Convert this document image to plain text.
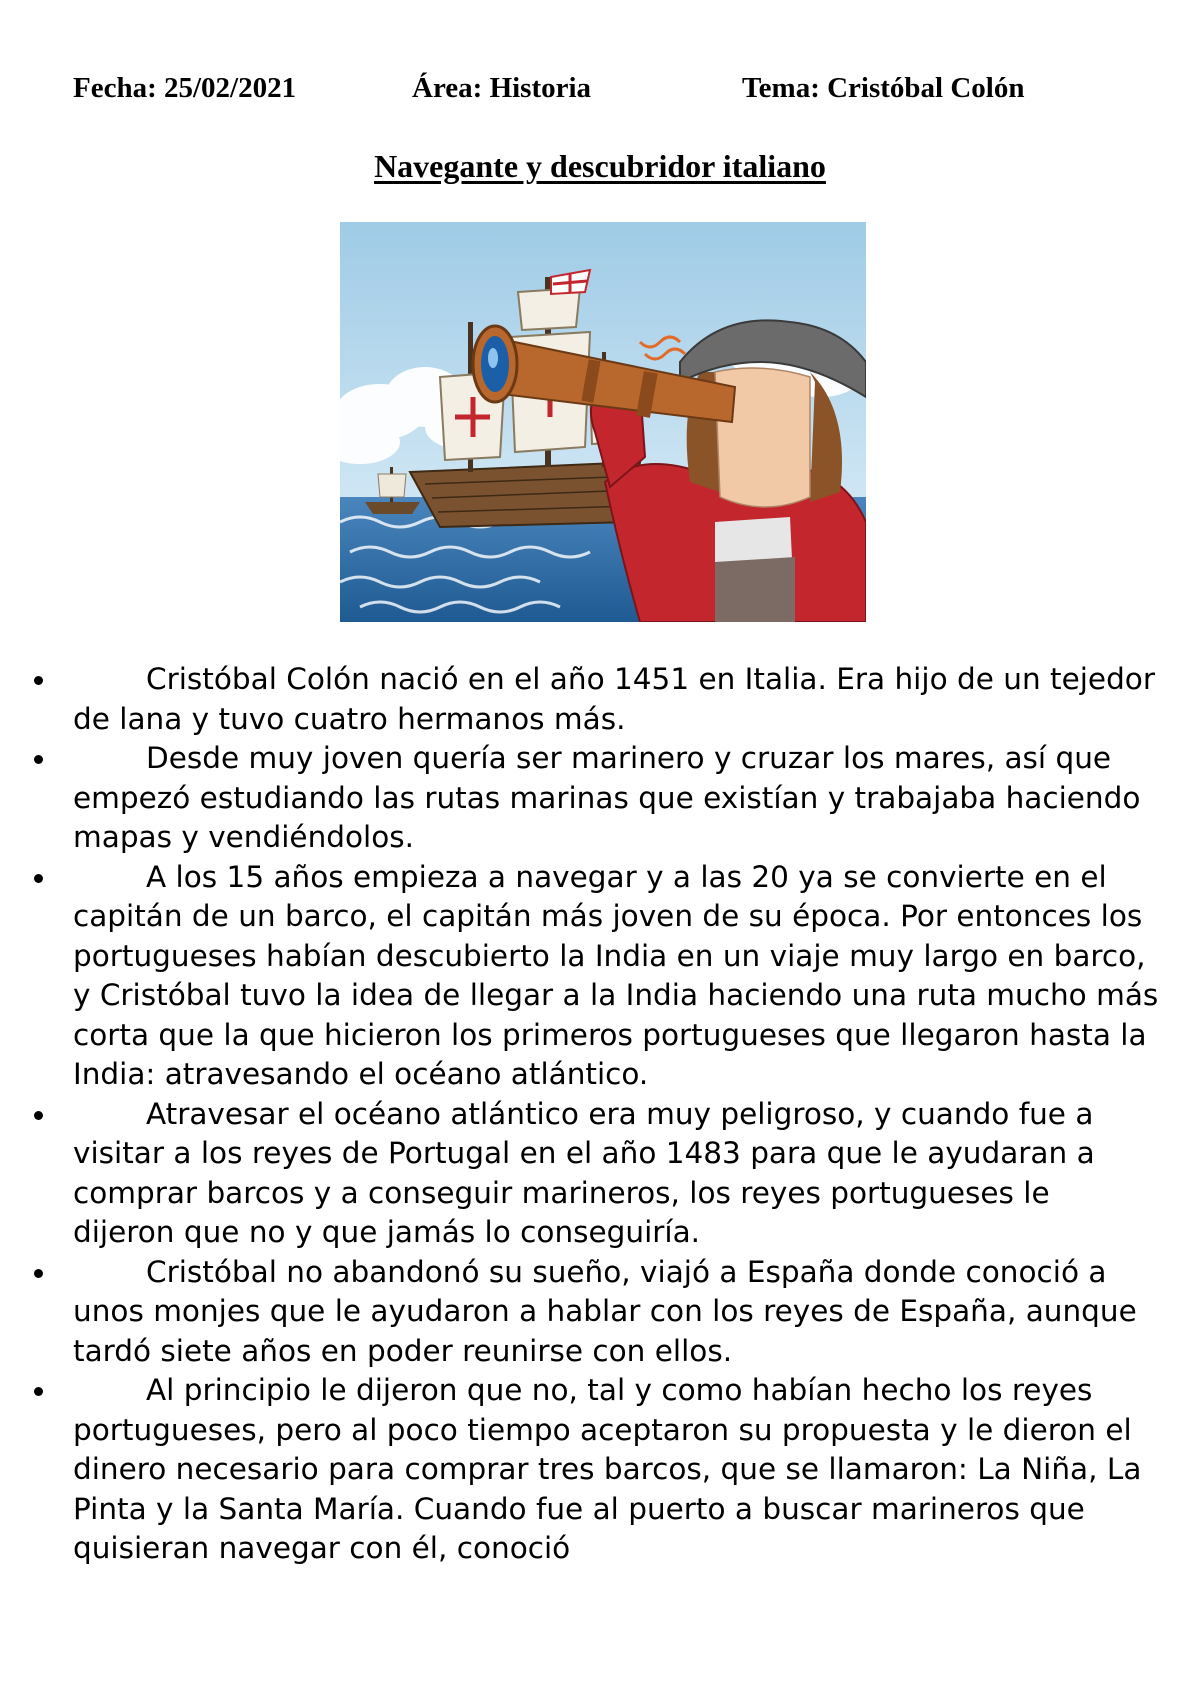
Fecha: 25/02/2021	Área: Historia	Tema: Cristóbal Colón
Navegante y descubridor italiano
Cristóbal Colón nació en el año 1451 en Italia. Era hijo de un tejedor de lana y tuvo cuatro hermanos más.
Desde muy joven quería ser marinero y cruzar los mares, así que empezó estudiando las rutas marinas que existían y trabajaba haciendo mapas y vendiéndolos.
A los 15 años empieza a navegar y a las 20 ya se convierte en el capitán de un barco, el capitán más joven de su época. Por entonces los portugueses habían descubierto la India en un viaje muy largo en barco, y Cristóbal tuvo la idea de llegar a la India haciendo una ruta mucho más corta que la que hicieron los primeros portugueses que llegaron hasta la India: atravesando el océano atlántico.
Atravesar el océano atlántico era muy peligroso, y cuando fue a visitar a los reyes de Portugal en el año 1483 para que le ayudaran a comprar barcos y a conseguir marineros, los reyes portugueses le dijeron que no y que jamás lo conseguiría.
Cristóbal no abandonó su sueño, viajó a España donde conoció a unos monjes que le ayudaron a hablar con los reyes de España, aunque tardó siete años en poder reunirse con ellos.
Al principio le dijeron que no, tal y como habían hecho los reyes portugueses, pero al poco tiempo aceptaron su propuesta y le dieron el dinero necesario para comprar tres barcos, que se llamaron: La Niña, La Pinta y la Santa María. Cuando fue al puerto a buscar marineros que quisieran navegar con él, conoció
